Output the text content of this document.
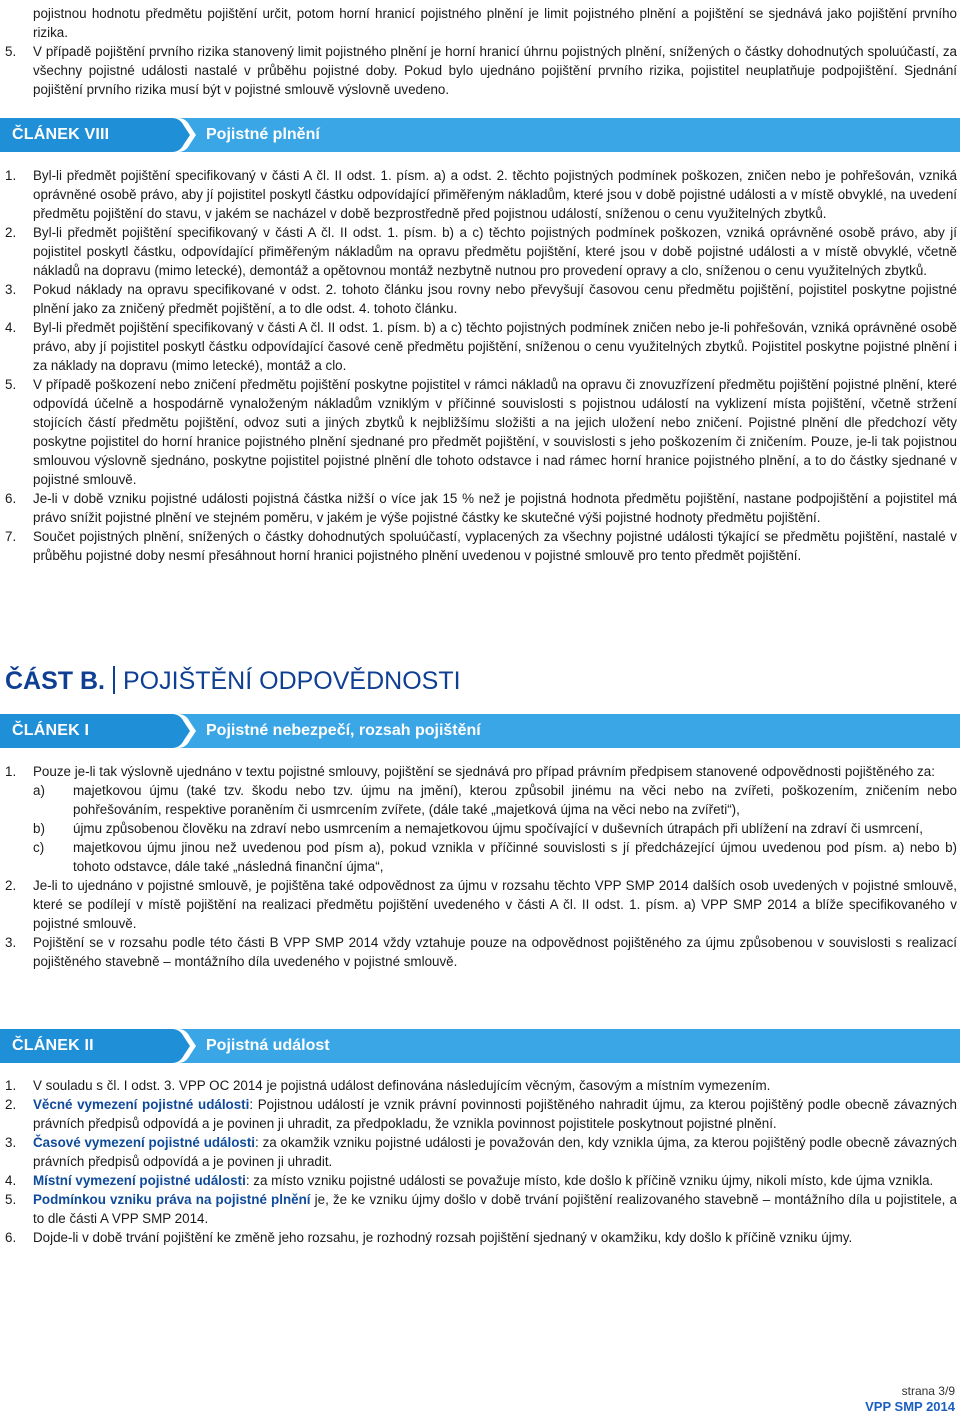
pojistnou hodnotu předmětu pojištění určit, potom horní hranicí pojistného plnění je limit pojistného plnění a pojištění se sjednává jako pojištění prvního rizika.

5. V případě pojištění prvního rizika stanovený limit pojistného plnění je horní hranicí úhrnu pojistných plnění, snížených o částky dohodnutých spoluúčastí, za všechny pojistné události nastalé v průběhu pojistné doby. Pokud bylo ujednáno pojištění prvního rizika, pojistitel neuplatňuje podpojištění. Sjednání pojištění prvního rizika musí být v pojistné smlouvě výslovně uvedeno.
ČLÁNEK VIII	Pojistné plnění
1. Byl-li předmět pojištění specifikovaný v části A čl. II odst. 1. písm. a) a odst. 2. těchto pojistných podmínek poškozen, zničen nebo je pohřešován, vzniká oprávněné osobě právo, aby jí pojistitel poskytl částku odpovídající přiměřeným nákladům, které jsou v době pojistné události a v místě obvyklé, na uvedení předmětu pojištění do stavu, v jakém se nacházel v době bezprostředně před pojistnou událostí, sníženou o cenu využitelných zbytků.
2. Byl-li předmět pojištění specifikovaný v části A čl. II odst. 1. písm. b) a c) těchto pojistných podmínek poškozen, vzniká oprávněné osobě právo, aby jí pojistitel poskytl částku, odpovídající přiměřeným nákladům na opravu předmětu pojištění, které jsou v době pojistné události a v místě obvyklé, včetně nákladů na dopravu (mimo letecké), demontáž a opětovnou montáž nezbytně nutnou pro provedení opravy a clo, sníženou o cenu využitelných zbytků.
3. Pokud náklady na opravu specifikované v odst. 2. tohoto článku jsou rovny nebo převyšují časovou cenu předmětu pojištění, pojistitel poskytne pojistné plnění jako za zničený předmět pojištění, a to dle odst. 4. tohoto článku.
4. Byl-li předmět pojištění specifikovaný v části A čl. II odst. 1. písm. b) a c) těchto pojistných podmínek zničen nebo je-li pohřešován, vzniká oprávněné osobě právo, aby jí pojistitel poskytl částku odpovídající časové ceně předmětu pojištění, sníženou o cenu využitelných zbytků. Pojistitel poskytne pojistné plnění i za náklady na dopravu (mimo letecké), montáž a clo.
5. V případě poškození nebo zničení předmětu pojištění poskytne pojistitel v rámci nákladů na opravu či znovuzřízení předmětu pojištění pojistné plnění, které odpovídá účelně a hospodárně vynaloženým nákladům vzniklým v příčinné souvislosti s pojistnou událostí na vyklizení místa pojištění, včetně stržení stojících částí předmětu pojištění, odvoz suti a jiných zbytků k nejbližšímu složišti a na jejich uložení nebo zničení. Pojistné plnění dle předchozí věty poskytne pojistitel do horní hranice pojistného plnění sjednané pro předmět pojištění, v souvislosti s jeho poškozením či zničením. Pouze, je-li tak pojistnou smlouvou výslovně sjednáno, poskytne pojistitel pojistné plnění dle tohoto odstavce i nad rámec horní hranice pojistného plnění, a to do částky sjednané v pojistné smlouvě.
6. Je-li v době vzniku pojistné události pojistná částka nižší o více jak 15 % než je pojistná hodnota předmětu pojištění, nastane podpojištění a pojistitel má právo snížit pojistné plnění ve stejném poměru, v jakém je výše pojistné částky ke skutečné výši pojistné hodnoty předmětu pojištění.
7. Součet pojistných plnění, snížených o částky dohodnutých spoluúčastí, vyplacených za všechny pojistné události týkající se předmětu pojištění, nastalé v průběhu pojistné doby nesmí přesáhnout horní hranici pojistného plnění uvedenou v pojistné smlouvě pro tento předmět pojištění.
ČÁST B. POJIŠTĚNÍ ODPOVĚDNOSTI
ČLÁNEK I	Pojistné nebezpečí, rozsah pojištění
1. Pouze je-li tak výslovně ujednáno v textu pojistné smlouvy, pojištění se sjednává pro případ právním předpisem stanovené odpovědnosti pojištěného za:
a) majetkovou újmu (také tzv. škodu nebo tzv. újmu na jmění), kterou způsobil jinému na věci nebo na zvířeti, poškozením, zničením nebo pohřešováním, respektive poraněním či usmrcením zvířete, (dále také „majetková újma na věci nebo na zvířeti“),
b) újmu způsobenou člověku na zdraví nebo usmrcením a nemajetkovou újmu spočívající v duševních útrapách při ublížení na zdraví či usmrcení,
c) majetkovou újmu jinou než uvedenou pod písm a), pokud vznikla v příčinné souvislosti s jí předcházející újmou uvedenou pod písm. a) nebo b) tohoto odstavce, dále také „následná finanční újma“,
2. Je-li to ujednáno v pojistné smlouvě, je pojištěna také odpovědnost za újmu v rozsahu těchto VPP SMP 2014 dalších osob uvedených v pojistné smlouvě, které se podílejí v místě pojištění na realizaci předmětu pojištění uvedeného v části A čl. II odst. 1. písm. a) VPP SMP 2014 a blíže specifikovaného v pojistné smlouvě.
3. Pojištění se v rozsahu podle této části B VPP SMP 2014 vždy vztahuje pouze na odpovědnost pojištěného za újmu způsobenou v souvislosti s realizací pojištěného stavebně – montážního díla uvedeného v pojistné smlouvě.
ČLÁNEK II	Pojistná událost
1. V souladu s čl. I odst. 3. VPP OC 2014 je pojistná událost definována následujícím věcným, časovým a místním vymezením.
2. Věcné vymezení pojistné události: Pojistnou událostí je vznik právní povinnosti pojištěného nahradit újmu, za kterou pojištěný podle obecně závazných právních předpisů odpovídá a je povinen ji uhradit, za předpokladu, že vznikla povinnost pojistitele poskytnout pojistné plnění.
3. Časové vymezení pojistné události: za okamžik vzniku pojistné události je považován den, kdy vznikla újma, za kterou pojištěný podle obecně závazných právních předpisů odpovídá a je povinen ji uhradit.
4. Místní vymezení pojistné události: za místo vzniku pojistné události se považuje místo, kde došlo k příčině vzniku újmy, nikoli místo, kde újma vznikla.
5. Podmínkou vzniku práva na pojistné plnění je, že ke vzniku újmy došlo v době trvání pojištění realizovaného stavebně – montážního díla u pojistitele, a to dle části A VPP SMP 2014.
6. Dojde-li v době trvání pojištění ke změně jeho rozsahu, je rozhodný rozsah pojištění sjednaný v okamžiku, kdy došlo k příčině vzniku újmy.
strana 3/9
VPP SMP 2014
